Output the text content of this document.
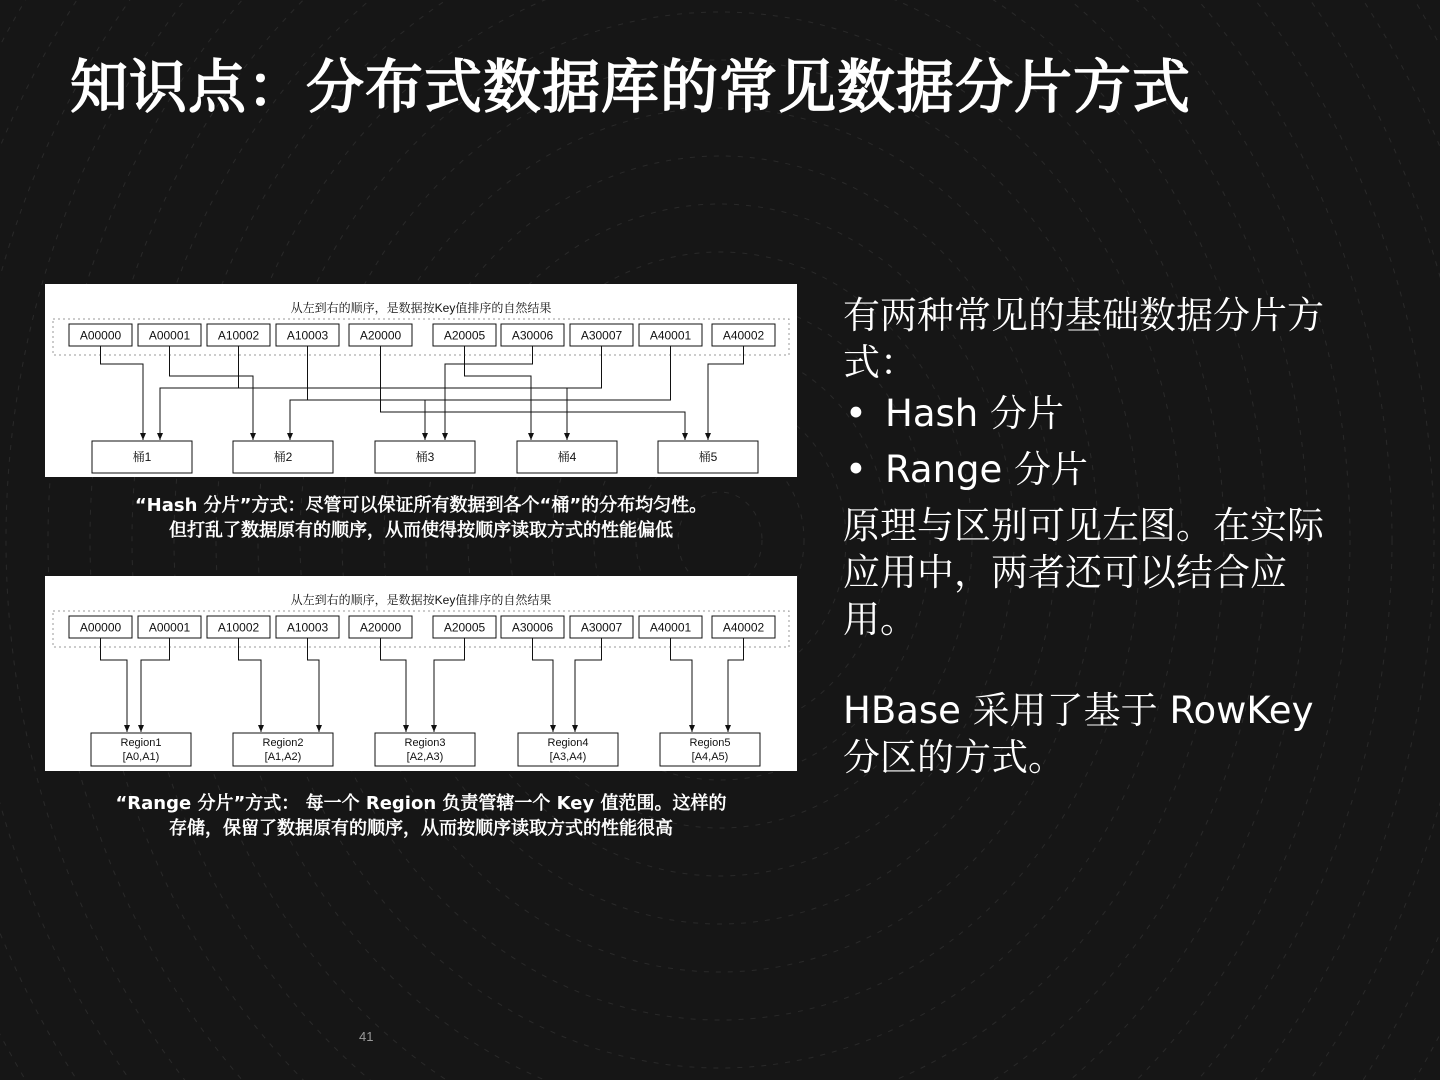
知识点：分布式数据库的常见数据分片方式
从左到右的顺序，是数据按Key值排序的自然结果
A00000 A00001 A10002 A10003	A20000	A20005 A30006 A30007 A40001	A40002
桶1	桶2	桶3	桶4	桶5
“Hash 分片”方式：尽管可以保证所有数据到各个“桶”的分布均匀性。
但打乱了数据原有的顺序，从而使得按顺序读取方式的性能偏低
从左到右的顺序，是数据按Key值排序的自然结果
A00000 A00001 A10002 A10003	A20000	A20005 A30006 A30007 A40001	A40002
Region1
[A0,A1)
Region2
[A1,A2)
Region3
[A2,A3)
Region4
[A3,A4)
Region5
[A4,A5)
“Range 分片”方式： 每一个 Region 负责管辖一个 Key 值范围。这样的
存储，保留了数据原有的顺序，从而按顺序读取方式的性能很高

有两种常见的基础数据分片方式：

• Hash 分片
• Range 分片

原理与区别可见左图。在实际应用中，两者还可以结合应用。

HBase 采用了基于 RowKey 分区的方式。

41
